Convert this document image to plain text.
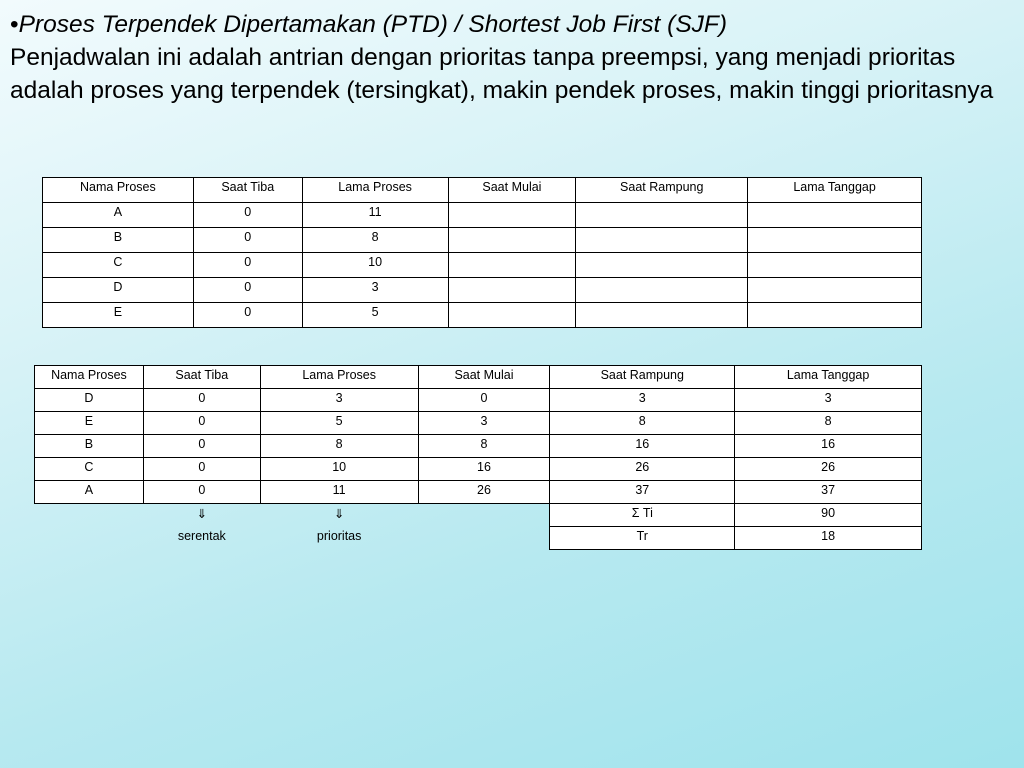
•Proses Terpendek Dipertamakan (PTD) / Shortest Job First (SJF)
Penjadwalan ini adalah antrian dengan prioritas tanpa preempsi, yang menjadi prioritas adalah proses yang terpendek (tersingkat), makin pendek proses, makin tinggi prioritasnya
Nama Proses	Saat Tiba	Lama Proses	Saat Mulai	Saat Rampung	Lama Tanggap
A	0	11			
B	0	8			
C	0	10			
D	0	3			
E	0	5			
Nama Proses	Saat Tiba	Lama Proses	Saat Mulai	Saat Rampung	Lama Tanggap
D	0	3	0	3	3
E	0	5	3	8	8
B	0	8	8	16	16
C	0	10	16	26	26
A	0	11	26	37	37
	⇓	⇓		Σ Ti	90
	serentak	prioritas		Tr	18
